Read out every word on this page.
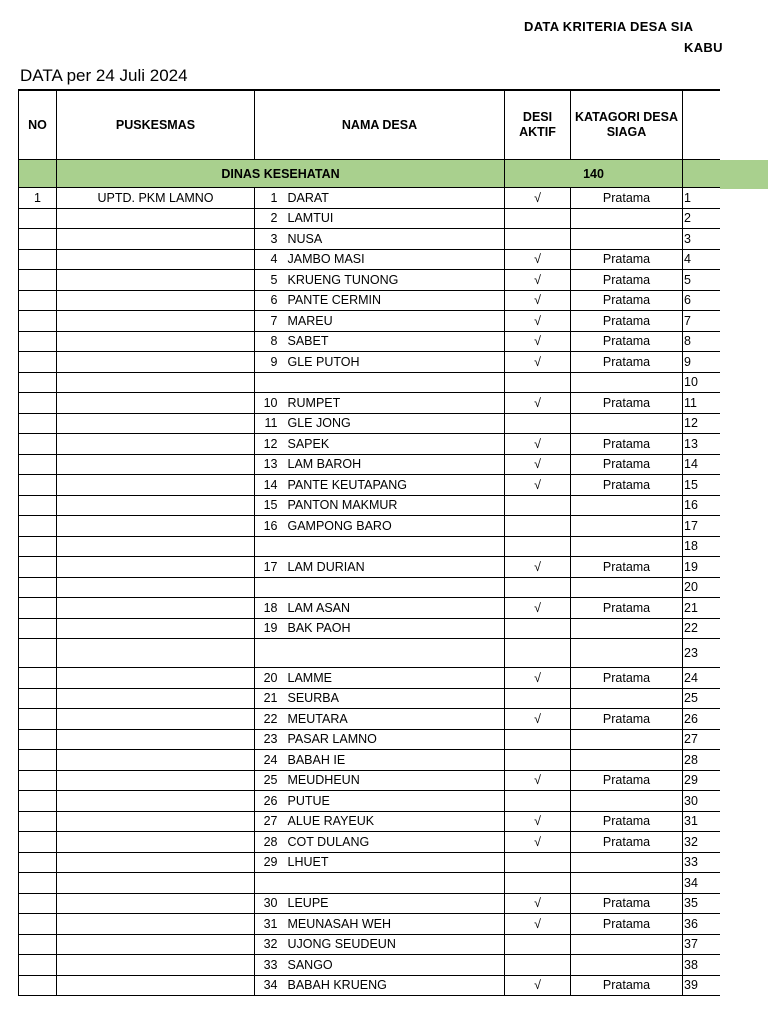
DATA KRITERIA DESA SIA
KABU
DATA per 24 Juli 2024
NO	PUSKESMAS	NAMA DESA		DESI AKTIF	KATAGORI DESA SIAGA	
	DINAS KESEHATAN			140		
1	UPTD. PKM LAMNO	1	DARAT	√	Pratama	1
		2	LAMTUI			2
		3	NUSA			3
		4	JAMBO MASI	√	Pratama	4
		5	KRUENG TUNONG	√	Pratama	5
		6	PANTE CERMIN	√	Pratama	6
		7	MAREU	√	Pratama	7
		8	SABET	√	Pratama	8
		9	GLE PUTOH	√	Pratama	9
						10
		10	RUMPET	√	Pratama	11
		11	GLE JONG			12
		12	SAPEK	√	Pratama	13
		13	LAM BAROH	√	Pratama	14
		14	PANTE KEUTAPANG	√	Pratama	15
		15	PANTON MAKMUR			16
		16	GAMPONG BARO			17
						18
		17	LAM DURIAN	√	Pratama	19
						20
		18	LAM ASAN	√	Pratama	21
		19	BAK PAOH			22
						23
		20	LAMME	√	Pratama	24
		21	SEURBA			25
		22	MEUTARA	√	Pratama	26
		23	PASAR LAMNO			27
		24	BABAH IE			28
		25	MEUDHEUN	√	Pratama	29
		26	PUTUE			30
		27	ALUE RAYEUK	√	Pratama	31
		28	COT DULANG	√	Pratama	32
		29	LHUET			33
						34
		30	LEUPE	√	Pratama	35
		31	MEUNASAH WEH	√	Pratama	36
		32	UJONG SEUDEUN			37
		33	SANGO			38
		34	BABAH KRUENG	√	Pratama	39
